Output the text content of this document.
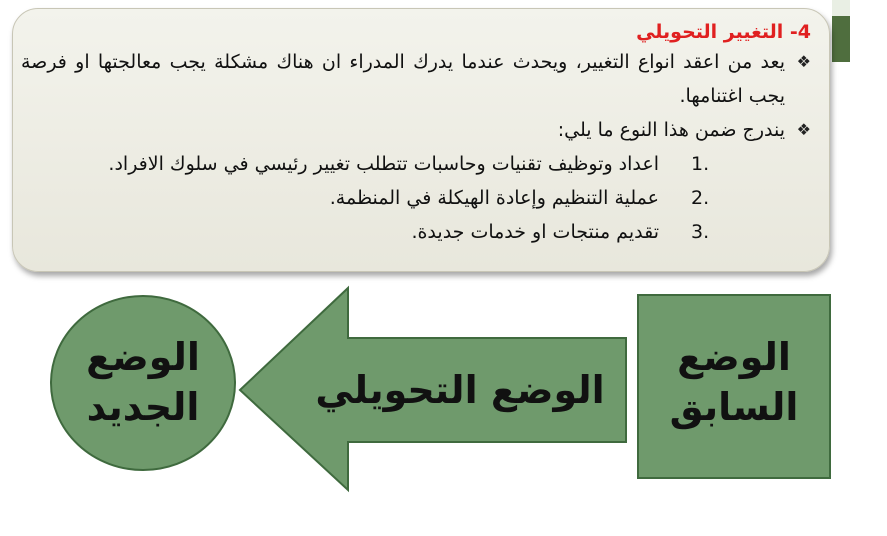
4- التغيير التحويلي
❖
يعد من اعقد انواع التغيير، ويحدث عندما يدرك المدراء ان هناك مشكلة يجب معالجتها او فرصة يجب اغتنامها.
❖
يندرج ضمن هذا النوع ما يلي:
1.
اعداد وتوظيف تقنيات وحاسبات تتطلب تغيير رئيسي في سلوك الافراد.
2.
عملية التنظيم وإعادة الهيكلة في المنظمة.
3.
تقديم منتجات او خدمات جديدة.
الوضع السابق
الوضع التحويلي
الوضع الجديد
